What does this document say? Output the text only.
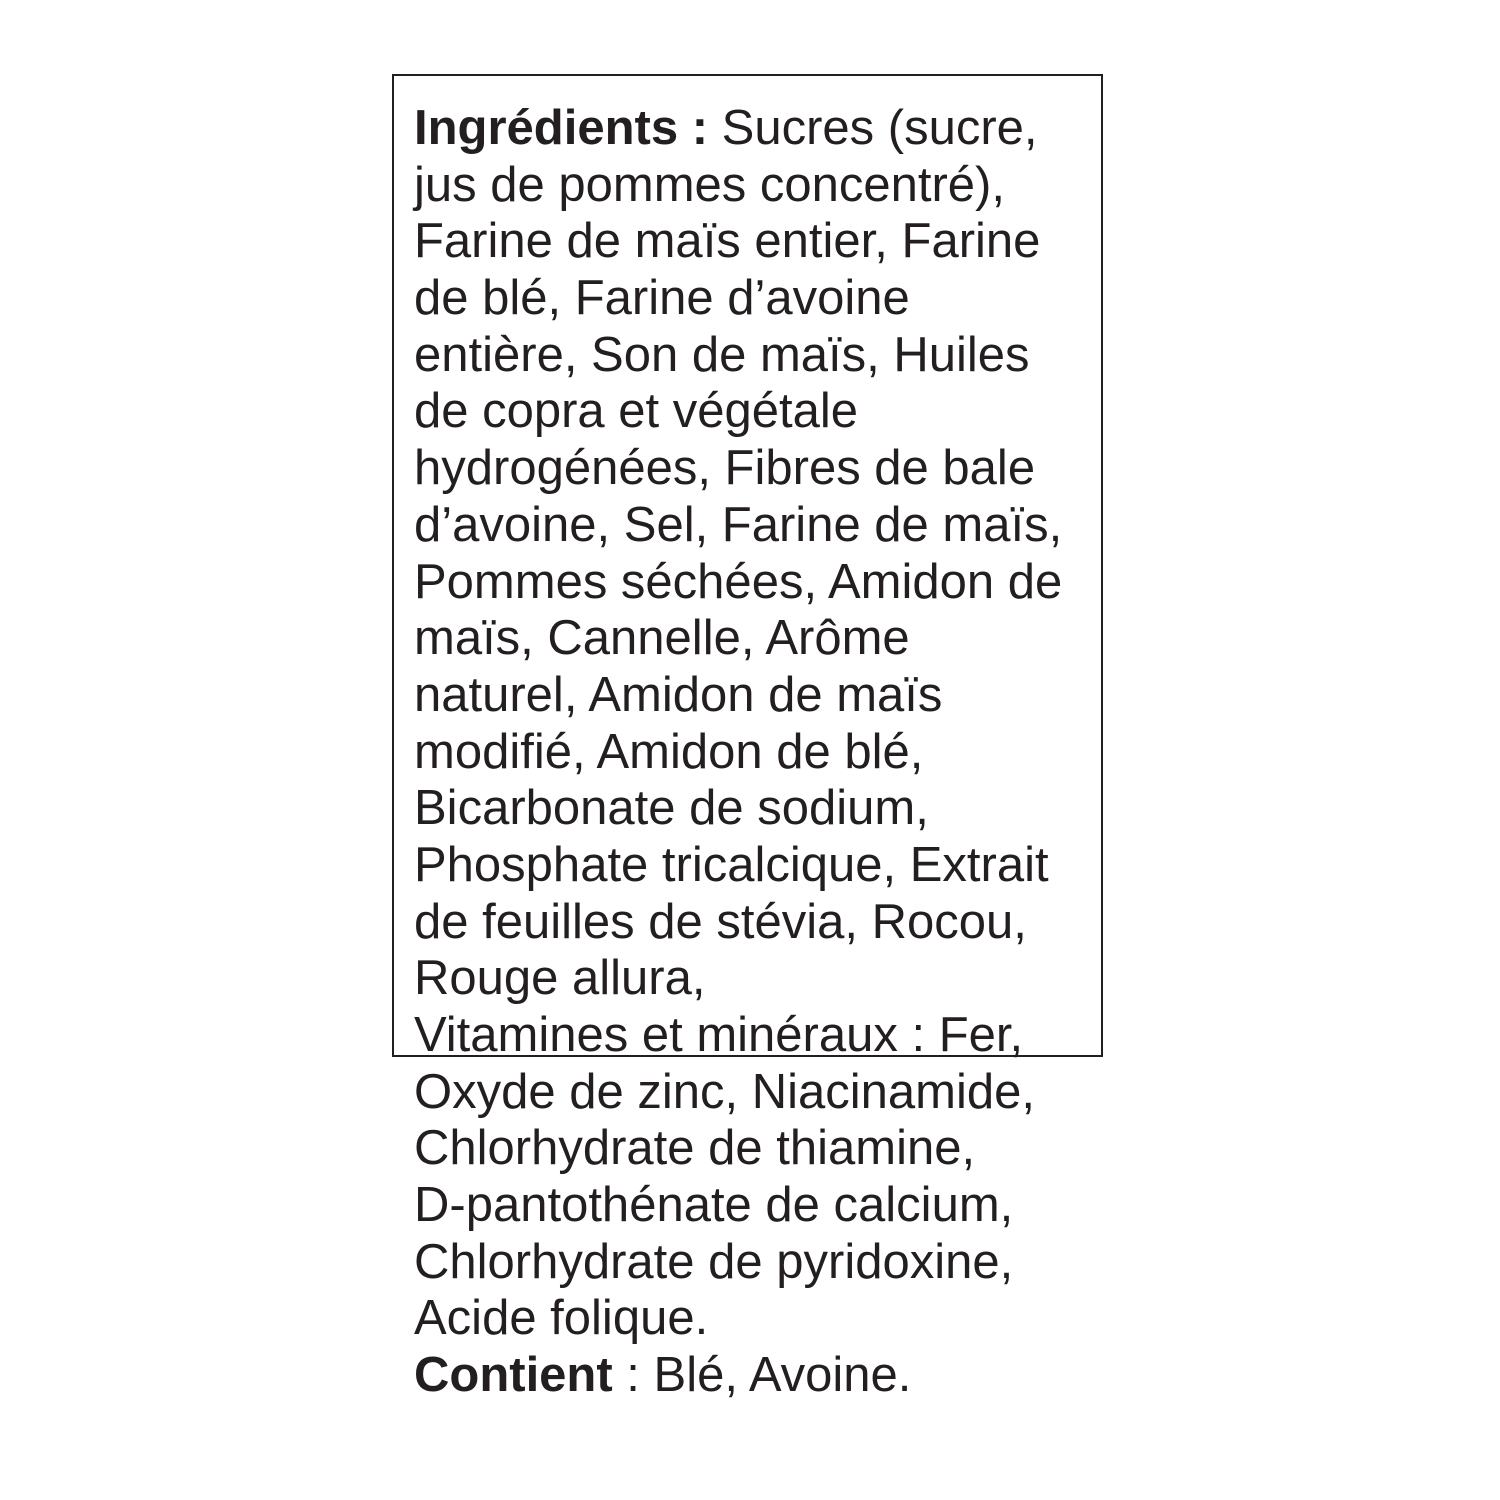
Ingrédients : Sucres (sucre,
jus de pommes concentré),
Farine de maïs entier, Farine
de blé, Farine d’avoine
entière, Son de maïs, Huiles
de copra et végétale
hydrogénées, Fibres de bale
d’avoine, Sel, Farine de maïs,
Pommes séchées, Amidon de
maïs, Cannelle, Arôme
naturel, Amidon de maïs
modifié, Amidon de blé,
Bicarbonate de sodium,
Phosphate tricalcique, Extrait
de feuilles de stévia, Rocou,
Rouge allura,
Vitamines et minéraux : Fer,
Oxyde de zinc, Niacinamide,
Chlorhydrate de thiamine,
D-pantothénate de calcium,
Chlorhydrate de pyridoxine,
Acide folique.
Contient : Blé, Avoine.
